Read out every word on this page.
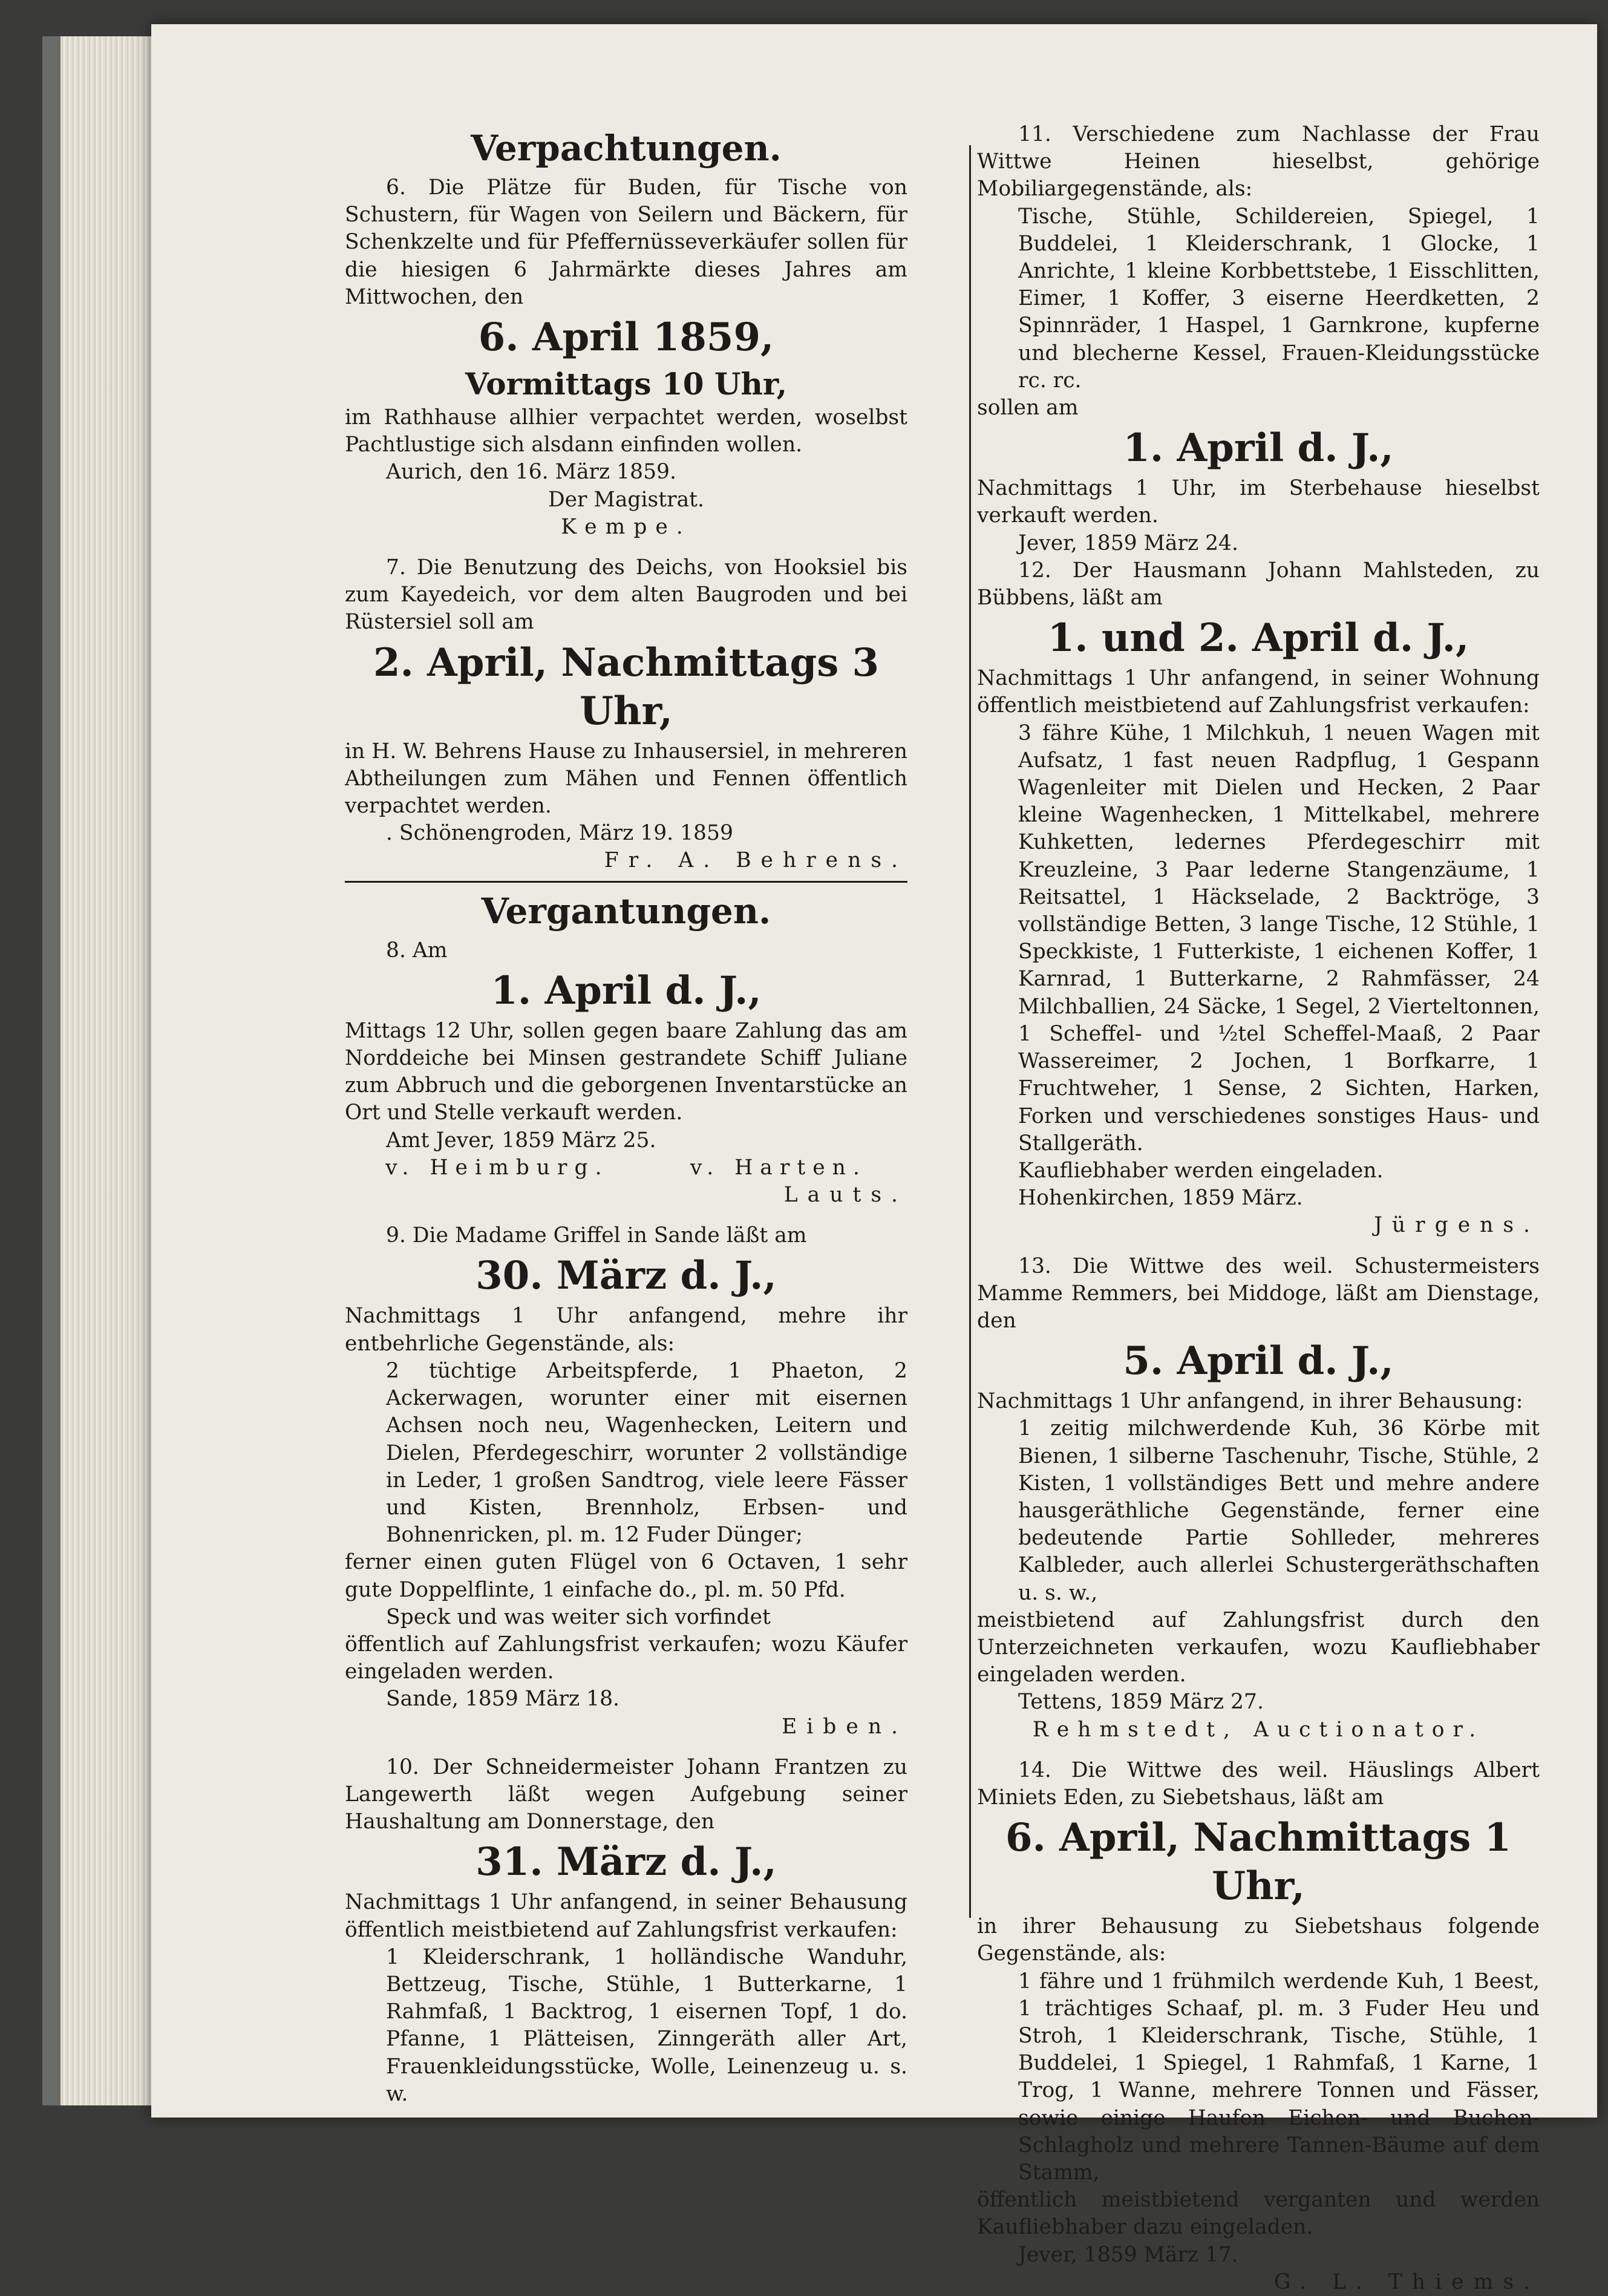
Verpachtungen.

6. Die Plätze für Buden, für Tische von Schustern, für Wagen von Seilern und Bäckern, für Schenkzelte und für Pfeffernüsseverkäufer sollen für die hiesigen 6 Jahrmärkte dieses Jahres am Mittwochen, den

6. April 1859,
Vormittags 10 Uhr,

im Rathhause allhier verpachtet werden, woselbst Pachtlustige sich alsdann einfinden wollen.

Aurich, den 16. März 1859.

Der Magistrat.

Kempe.

7. Die Benutzung des Deichs, von Hooksiel bis zum Kayedeich, vor dem alten Baugroden und bei Rüstersiel soll am

2. April, Nachmittags 3 Uhr,

in H. W. Behrens Hause zu Inhausersiel, in mehreren Abtheilungen zum Mähen und Fennen öffentlich verpachtet werden.

. Schönengroden, März 19. 1859

Fr. A. Behrens.

Vergantungen.

8. Am

1. April d. J.,

Mittags 12 Uhr, sollen gegen baare Zahlung das am Norddeiche bei Minsen gestrandete Schiff Juliane zum Abbruch und die geborgenen Inventarstücke an Ort und Stelle verkauft werden.

Amt Jever, 1859 März 25.

v. Heimburg.	v. Harten.

Lauts.

9. Die Madame Griffel in Sande läßt am

30. März d. J.,

Nachmittags 1 Uhr anfangend, mehre ihr entbehrliche Gegenstände, als:

2 tüchtige Arbeitspferde, 1 Phaeton, 2 Ackerwagen, worunter einer mit eisernen Achsen noch neu, Wagenhecken, Leitern und Dielen, Pferdegeschirr, worunter 2 vollständige in Leder, 1 großen Sandtrog, viele leere Fässer und Kisten, Brennholz, Erbsen- und Bohnenricken, pl. m. 12 Fuder Dünger;

ferner einen guten Flügel von 6 Octaven, 1 sehr gute Doppelflinte, 1 einfache do., pl. m. 50 Pfd.

Speck und was weiter sich vorfindet

öffentlich auf Zahlungsfrist verkaufen; wozu Käufer eingeladen werden.

Sande, 1859 März 18.

Eiben.

10. Der Schneidermeister Johann Frantzen zu Langewerth läßt wegen Aufgebung seiner Haushaltung am Donnerstage, den

31. März d. J.,

Nachmittags 1 Uhr anfangend, in seiner Behausung öffentlich meistbietend auf Zahlungsfrist verkaufen:

1 Kleiderschrank, 1 holländische Wanduhr, Bettzeug, Tische, Stühle, 1 Butterkarne, 1 Rahmfaß, 1 Backtrog, 1 eisernen Topf, 1 do. Pfanne, 1 Plätteisen, Zinngeräth aller Art, Frauenkleidungsstücke, Wolle, Leinenzeug u. s. w.

11. Verschiedene zum Nachlasse der Frau Wittwe Heinen hieselbst, gehörige Mobiliargegenstände, als:

Tische, Stühle, Schildereien, Spiegel, 1 Buddelei, 1 Kleiderschrank, 1 Glocke, 1 Anrichte, 1 kleine Korbbettstebe, 1 Eisschlitten, Eimer, 1 Koffer, 3 eiserne Heerdketten, 2 Spinnräder, 1 Haspel, 1 Garnkrone, kupferne und blecherne Kessel, Frauen-Kleidungsstücke rc. rc.

sollen am

1. April d. J.,

Nachmittags 1 Uhr, im Sterbehause hieselbst verkauft werden.

Jever, 1859 März 24.

12. Der Hausmann Johann Mahlsteden, zu Bübbens, läßt am

1. und 2. April d. J.,

Nachmittags 1 Uhr anfangend, in seiner Wohnung öffentlich meistbietend auf Zahlungsfrist verkaufen:

3 fähre Kühe, 1 Milchkuh, 1 neuen Wagen mit Aufsatz, 1 fast neuen Radpflug, 1 Gespann Wagenleiter mit Dielen und Hecken, 2 Paar kleine Wagenhecken, 1 Mittelkabel, mehrere Kuhketten, ledernes Pferdegeschirr mit Kreuzleine, 3 Paar lederne Stangenzäume, 1 Reitsattel, 1 Häckselade, 2 Backtröge, 3 vollständige Betten, 3 lange Tische, 12 Stühle, 1 Speckkiste, 1 Futterkiste, 1 eichenen Koffer, 1 Karnrad, 1 Butterkarne, 2 Rahmfässer, 24 Milchballien, 24 Säcke, 1 Segel, 2 Vierteltonnen, 1 Scheffel- und ⅟₂tel Scheffel-Maaß, 2 Paar Wassereimer, 2 Jochen, 1 Borfkarre, 1 Fruchtweher, 1 Sense, 2 Sichten, Harken, Forken und verschiedenes sonstiges Haus- und Stallgeräth.

Kaufliebhaber werden eingeladen.

Hohenkirchen, 1859 März.

Jürgens.

13. Die Wittwe des weil. Schustermeisters Mamme Remmers, bei Middoge, läßt am Dienstage, den

5. April d. J.,

Nachmittags 1 Uhr anfangend, in ihrer Behausung:

1 zeitig milchwerdende Kuh, 36 Körbe mit Bienen, 1 silberne Taschenuhr, Tische, Stühle, 2 Kisten, 1 vollständiges Bett und mehre andere hausgeräthliche Gegenstände, ferner eine bedeutende Partie Sohlleder, mehreres Kalbleder, auch allerlei Schustergeräthschaften u. s. w.,

meistbietend auf Zahlungsfrist durch den Unterzeichneten verkaufen, wozu Kaufliebhaber eingeladen werden.

Tettens, 1859 März 27.

Rehmstedt, Auctionator.

14. Die Wittwe des weil. Häuslings Albert Miniets Eden, zu Siebetshaus, läßt am

6. April, Nachmittags 1 Uhr,

in ihrer Behausung zu Siebetshaus folgende Gegenstände, als:

1 fähre und 1 frühmilch werdende Kuh, 1 Beest, 1 trächtiges Schaaf, pl. m. 3 Fuder Heu und Stroh, 1 Kleiderschrank, Tische, Stühle, 1 Buddelei, 1 Spiegel, 1 Rahmfaß, 1 Karne, 1 Trog, 1 Wanne, mehrere Tonnen und Fässer, sowie einige Haufen Eichen- und Buchen-Schlagholz und mehrere Tannen-Bäume auf dem Stamm,

öffentlich meistbietend verganten und werden Kaufliebhaber dazu eingeladen.

Jever, 1859 März 17.

G. L. Thiems.
